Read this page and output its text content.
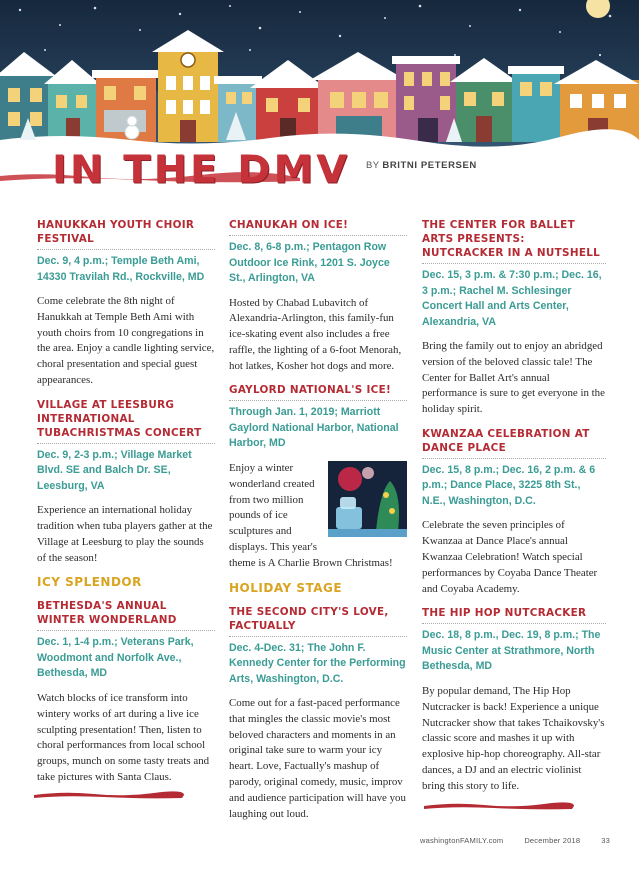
IN THE DMV BY BRITNI PETERSEN
HANUKKAH YOUTH CHOIR FESTIVAL
Dec. 9, 4 p.m.; Temple Beth Ami, 14330 Travilah Rd., Rockville, MD
Come celebrate the 8th night of Hanukkah at Temple Beth Ami with youth choirs from 10 congregations in the area. Enjoy a candle lighting service, choral presentation and special guest appearances.
VILLAGE AT LEESBURG INTERNATIONAL TUBACHRISTMAS CONCERT
Dec. 9, 2-3 p.m.; Village Market Blvd. SE and Balch Dr. SE, Leesburg, VA
Experience an international holiday tradition when tuba players gather at the Village at Leesburg to play the sounds of the season!
ICY SPLENDOR
BETHESDA'S ANNUAL WINTER WONDERLAND
Dec. 1, 1-4 p.m.; Veterans Park, Woodmont and Norfolk Ave., Bethesda, MD
Watch blocks of ice transform into wintery works of art during a live ice sculpting presentation! Then, listen to choral performances from local school groups, munch on some tasty treats and take pictures with Santa Claus.
CHANUKAH ON ICE!
Dec. 8, 6-8 p.m.; Pentagon Row Outdoor Ice Rink, 1201 S. Joyce St., Arlington, VA
Hosted by Chabad Lubavitch of Alexandria-Arlington, this family-fun ice-skating event also includes a free raffle, the lighting of a 6-foot Menorah, hot latkes, Kosher hot dogs and more.
GAYLORD NATIONAL'S ICE!
Through Jan. 1, 2019; Marriott Gaylord National Harbor, National Harbor, MD
Enjoy a winter wonderland created from two million pounds of ice sculptures and displays. This year's theme is A Charlie Brown Christmas!
HOLIDAY STAGE
THE SECOND CITY'S LOVE, FACTUALLY
Dec. 4-Dec. 31; The John F. Kennedy Center for the Performing Arts, Washington, D.C.
Come out for a fast-paced performance that mingles the classic movie's most beloved characters and moments in an original take sure to warm your icy heart. Love, Factually's mashup of parody, original comedy, music, improv and audience participation will have you laughing out loud.
THE CENTER FOR BALLET ARTS PRESENTS: NUTCRACKER IN A NUTSHELL
Dec. 15, 3 p.m. & 7:30 p.m.; Dec. 16, 3 p.m.; Rachel M. Schlesinger Concert Hall and Arts Center, Alexandria, VA
Bring the family out to enjoy an abridged version of the beloved classic tale! The Center for Ballet Art's annual performance is sure to get everyone in the holiday spirit.
KWANZAA CELEBRATION AT DANCE PLACE
Dec. 15, 8 p.m.; Dec. 16, 2 p.m. & 6 p.m.; Dance Place, 3225 8th St., N.E., Washington, D.C.
Celebrate the seven principles of Kwanzaa at Dance Place's annual Kwanzaa Celebration! Watch special performances by Coyaba Dance Theater and Coyaba Academy.
THE HIP HOP NUTCRACKER
Dec. 18, 8 p.m., Dec. 19, 8 p.m.; The Music Center at Strathmore, North Bethesda, MD
By popular demand, The Hip Hop Nutcracker is back! Experience a unique Nutcracker show that takes Tchaikovsky's classic score and mashes it up with explosive hip-hop choreography. All-star dances, a DJ and an electric violinist bring this story to life.
washingtonFAMILY.com	December 2018	33
